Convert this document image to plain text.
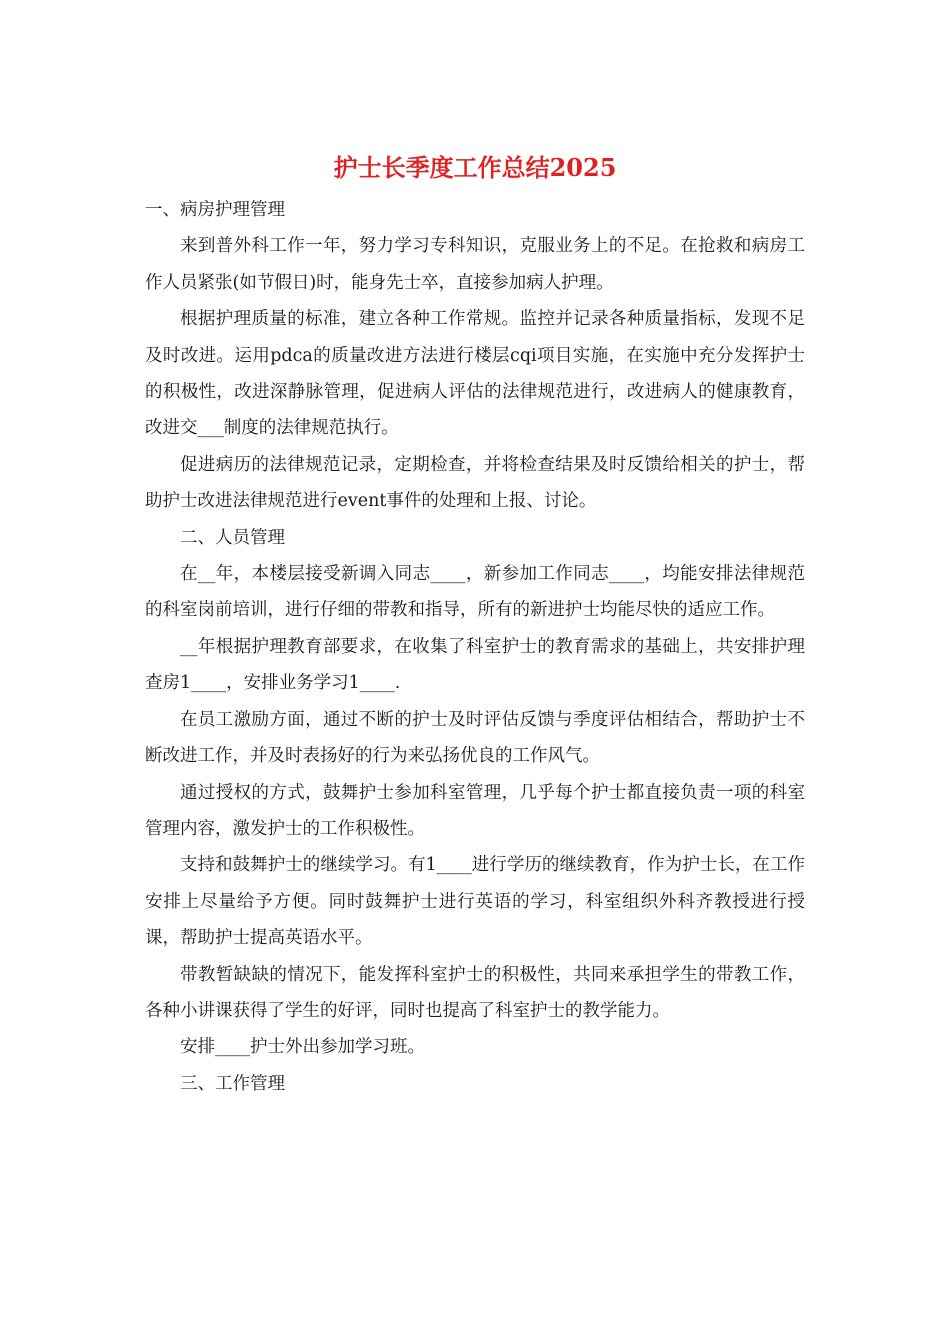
护士长季度工作总结2025

一、病房护理管理

来到普外科工作一年，努力学习专科知识，克服业务上的不足。在抢救和病房工作人员紧张(如节假日)时，能身先士卒，直接参加病人护理。

根据护理质量的标准，建立各种工作常规。监控并记录各种质量指标，发现不足及时改进。运用pdca的质量改进方法进行楼层cqi项目实施，在实施中充分发挥护士的积极性，改进深静脉管理，促进病人评估的法律规范进行，改进病人的健康教育，改进交___制度的法律规范执行。

促进病历的法律规范记录，定期检查，并将检查结果及时反馈给相关的护士，帮助护士改进法律规范进行event事件的处理和上报、讨论。

二、人员管理

在__年，本楼层接受新调入同志____，新参加工作同志____，均能安排法律规范的科室岗前培训，进行仔细的带教和指导，所有的新进护士均能尽快的适应工作。

__年根据护理教育部要求，在收集了科室护士的教育需求的基础上，共安排护理查房1____，安排业务学习1____.

在员工激励方面，通过不断的护士及时评估反馈与季度评估相结合，帮助护士不断改进工作，并及时表扬好的行为来弘扬优良的工作风气。

通过授权的方式，鼓舞护士参加科室管理，几乎每个护士都直接负责一项的科室管理内容，激发护士的工作积极性。

支持和鼓舞护士的继续学习。有1____进行学历的继续教育，作为护士长，在工作安排上尽量给予方便。同时鼓舞护士进行英语的学习，科室组织外科齐教授进行授课，帮助护士提高英语水平。

带教暂缺缺的情况下，能发挥科室护士的积极性，共同来承担学生的带教工作，各种小讲课获得了学生的好评，同时也提高了科室护士的教学能力。

安排____护士外出参加学习班。

三、工作管理
